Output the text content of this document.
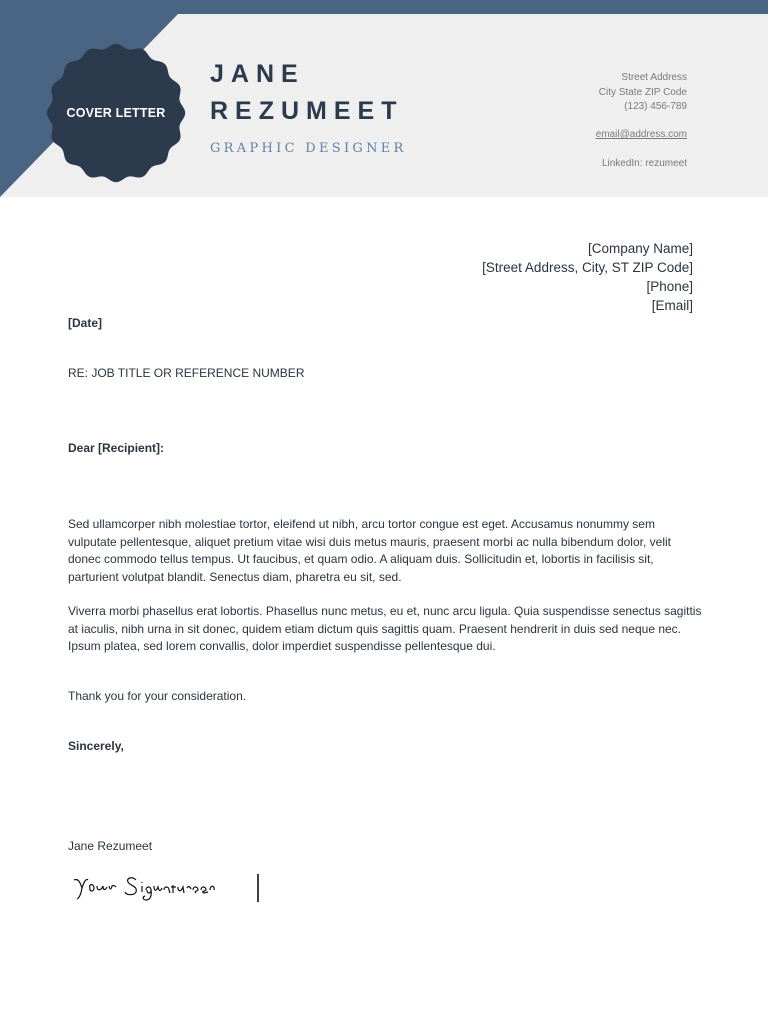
COVER LETTER
JANE
REZUMEET
GRAPHIC DESIGNER
Street Address
City State ZIP Code
(123) 456-789
email@address.com
LinkedIn: rezumeet
[Company Name]
[Street Address, City, ST ZIP Code]
[Phone]
[Email]
[Date]
RE: JOB TITLE OR REFERENCE NUMBER
Dear [Recipient]:
Sed ullamcorper nibh molestiae tortor, eleifend ut nibh, arcu tortor congue est eget. Accusamus nonummy sem vulputate pellentesque, aliquet pretium vitae wisi duis metus mauris, praesent morbi ac nulla bibendum dolor, velit donec commodo tellus tempus. Ut faucibus, et quam odio. A aliquam duis. Sollicitudin et, lobortis in facilisis sit, parturient volutpat blandit. Senectus diam, pharetra eu sit, sed.
Viverra morbi phasellus erat lobortis. Phasellus nunc metus, eu et, nunc arcu ligula. Quia suspendisse senectus sagittis at iaculis, nibh urna in sit donec, quidem etiam dictum quis sagittis quam. Praesent hendrerit in duis sed neque nec. Ipsum platea, sed lorem convallis, dolor imperdiet suspendisse pellentesque dui.
Thank you for your consideration.
Sincerely,
Jane Rezumeet
